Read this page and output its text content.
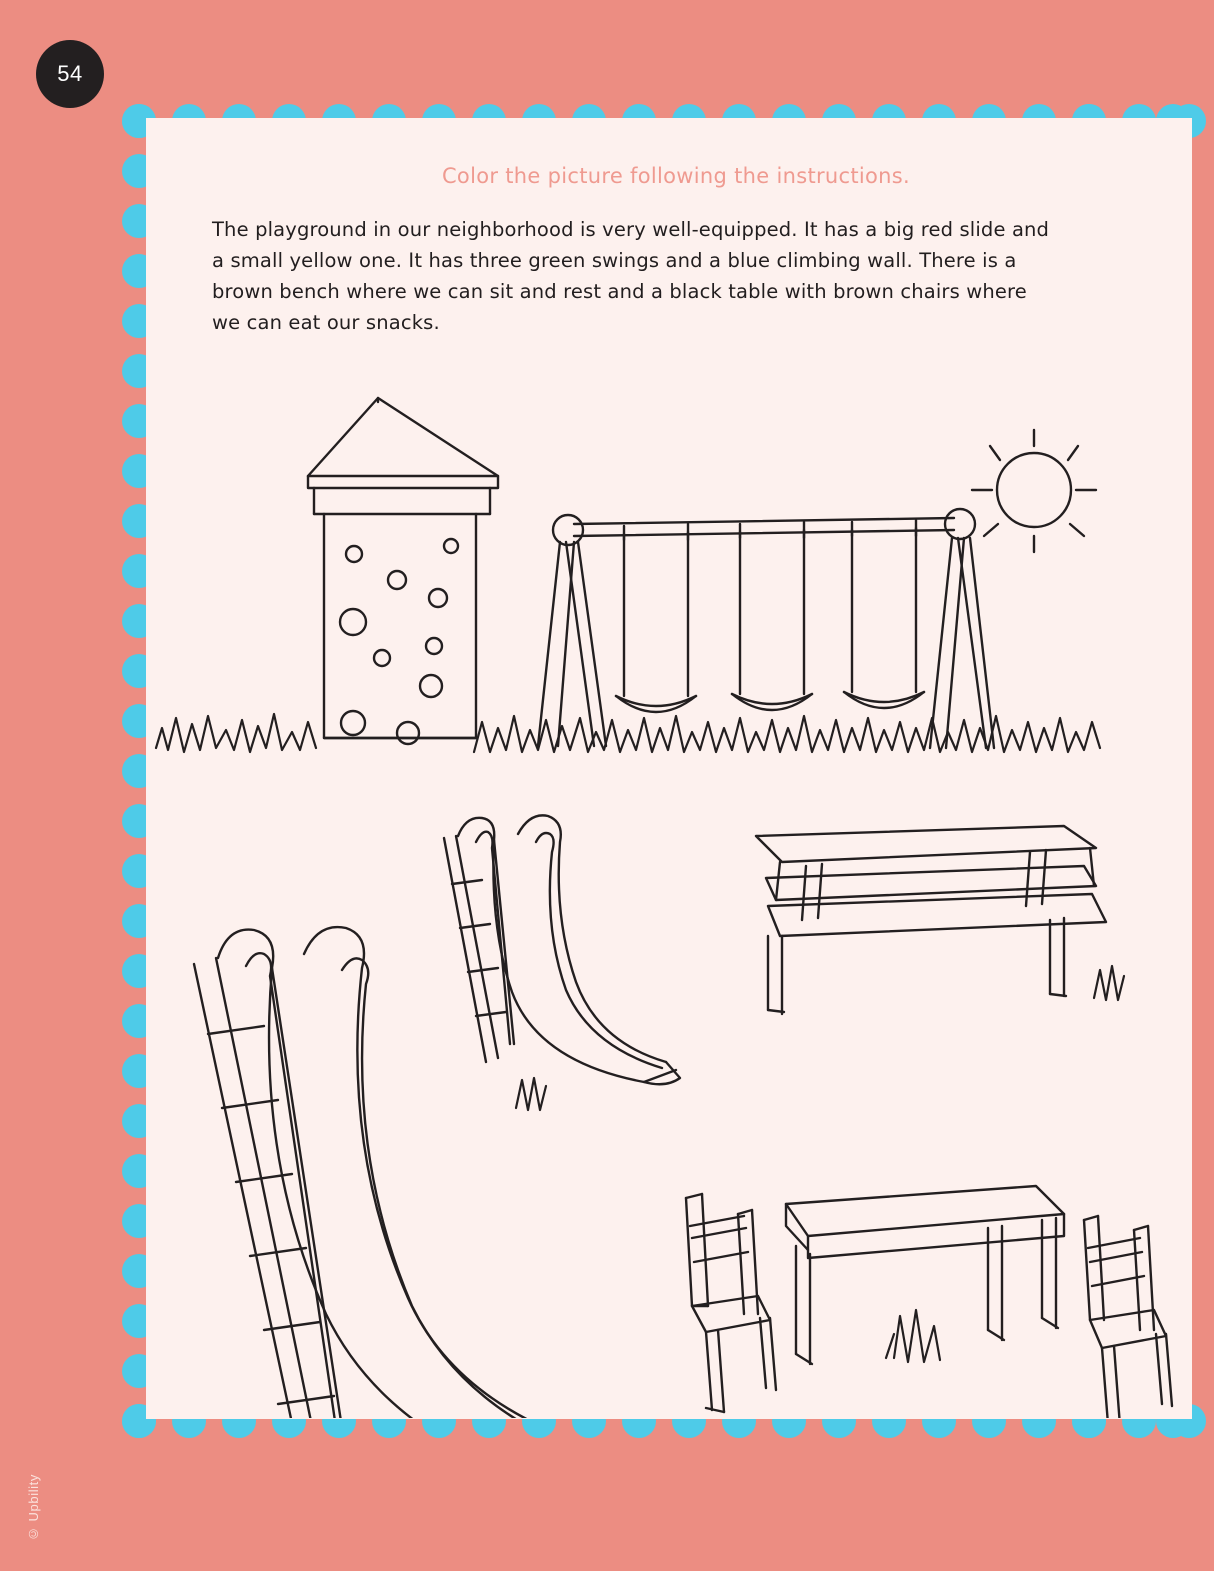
54
Color the picture following the instructions.

The playground in our neighborhood is very well-equipped. It has a big red slide and a small yellow one. It has three green swings and a blue climbing wall. There is a brown bench where we can sit and rest and a black table with brown chairs where we can eat our snacks.

© Upbility
